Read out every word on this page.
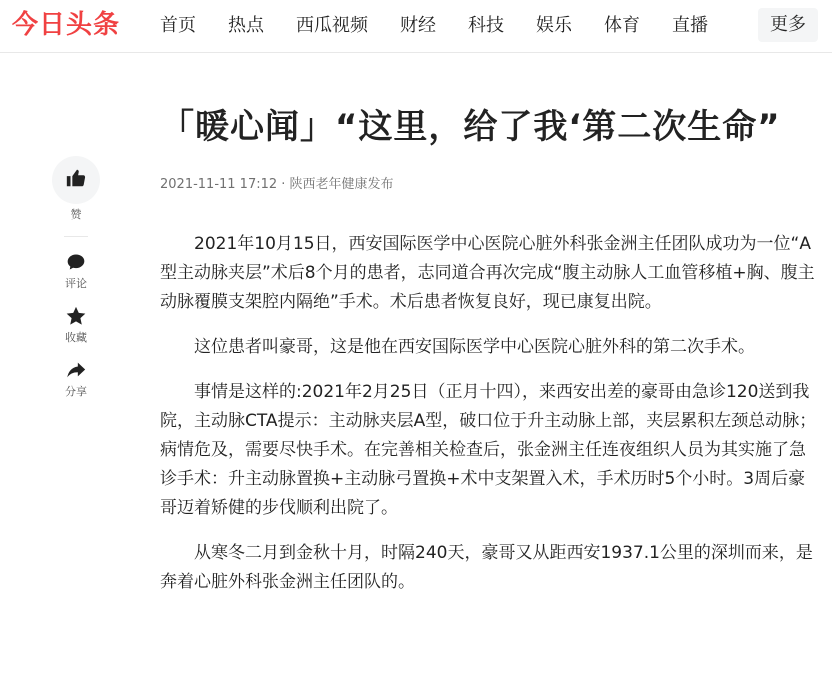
今日头条 首页 热点 西瓜视频 财经 科技 娱乐 体育 直播	更多
赞
评论
收藏
分享
「暖心闻」“这里，给了我‘第二次生命”
2021-11-11 17:12 · 陕西老年健康发布

2021年10月15日，西安国际医学中心医院心脏外科张金洲主任团队成功为一位“A型主动脉夹层”术后8个月的患者，志同道合再次完成“腹主动脉人工血管移植+胸、腹主动脉覆膜支架腔内隔绝”手术。术后患者恢复良好，现已康复出院。

这位患者叫豪哥，这是他在西安国际医学中心医院心脏外科的第二次手术。

事情是这样的:2021年2月25日（正月十四），来西安出差的豪哥由急诊120送到我院，主动脉CTA提示：主动脉夹层A型，破口位于升主动脉上部，夹层累积左颈总动脉；病情危及，需要尽快手术。在完善相关检查后，张金洲主任连夜组织人员为其实施了急诊手术：升主动脉置换+主动脉弓置换+术中支架置入术，手术历时5个小时。3周后豪哥迈着矫健的步伐顺利出院了。

从寒冬二月到金秋十月，时隔240天，豪哥又从距西安1937.1公里的深圳而来，是奔着心脏外科张金洲主任团队的。
